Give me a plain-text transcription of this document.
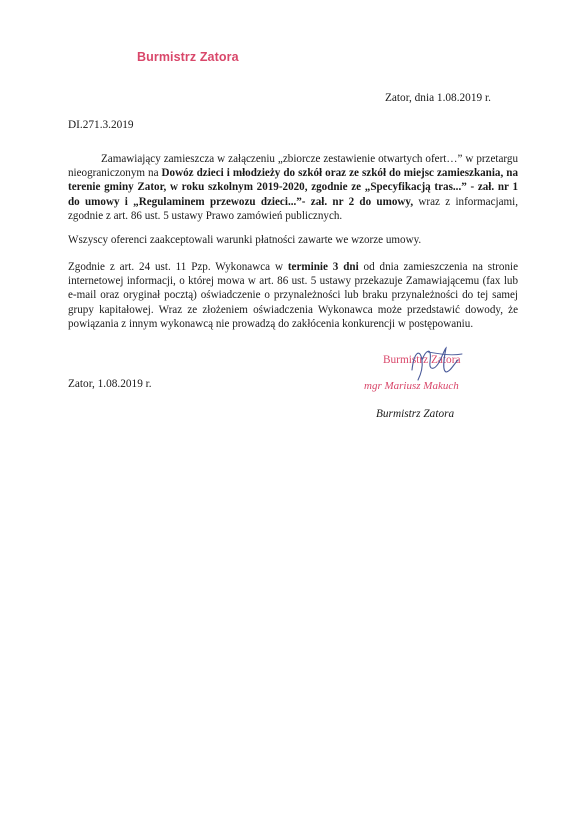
Burmistrz Zatora
Zator, dnia 1.08.2019 r.
DI.271.3.2019
Zamawiający zamieszcza w załączeniu „zbiorcze zestawienie otwartych ofert…” w przetargu nieograniczonym na Dowóz dzieci i młodzieży do szkół oraz ze szkół do miejsc zamieszkania, na terenie gminy Zator, w roku szkolnym 2019-2020, zgodnie ze „Specyfikacją tras...” - zał. nr 1 do umowy i „Regulaminem przewozu dzieci...”- zał. nr 2 do umowy, wraz z informacjami, zgodnie z art. 86 ust. 5 ustawy Prawo zamówień publicznych.
Wszyscy oferenci zaakceptowali warunki płatności zawarte we wzorze umowy.
Zgodnie z art. 24 ust. 11 Pzp. Wykonawca w terminie 3 dni od dnia zamieszczenia na stronie internetowej informacji, o której mowa w art. 86 ust. 5 ustawy przekazuje Zamawiającemu (fax lub e-mail oraz oryginał pocztą) oświadczenie o przynależności lub braku przynależności do tej samej grupy kapitałowej. Wraz ze złożeniem oświadczenia Wykonawca może przedstawić dowody, że powiązania z innym wykonawcą nie prowadzą do zakłócenia konkurencji w postępowaniu.
Zator, 1.08.2019 r.
Burmistrz Zatora
mgr Mariusz Makuch
Burmistrz Zatora
